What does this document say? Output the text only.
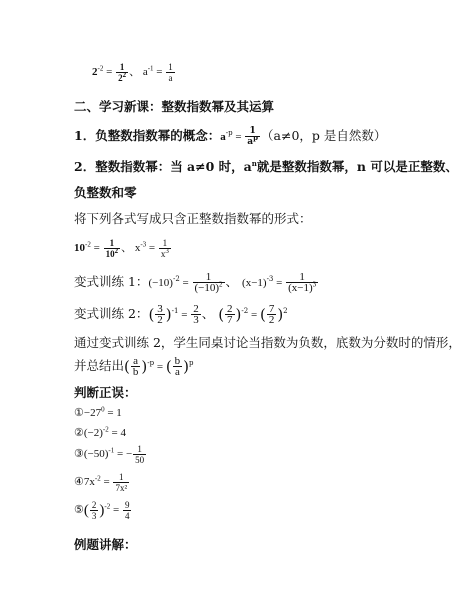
$2^{-2} = \frac{1}{2^2}$ 、 $a^{-1} = \frac{1}{a}$
二、学习新课：整数指数幂及其运算
1．负整数指数幂的概念：$a^{-p} = \frac{1}{a^p} (a\ne 0$，p 是自然数）
2．整数指数幂：当 a≠0 时，$a^n$就是整数指数幂，n 可以是正整数、
负整数和零
将下列各式写成只含正整数指数幂的形式：
$10^{-2} = \frac{1}{10^2}$ 、 $x^{-3} = \frac{1}{x^3}$
变式训练 1：$(-10)^{-2} = \frac{1}{(-10)^2}$ 、 $(x-1)^{-3} = \frac{1}{(x-1)^3}$
变式训练 2：( $\frac{3}{2} )^{-1} = \frac{2}{3}$ 、 ( $\frac{2}{7} )^{-2}$ = ( $\frac{7}{2} )^2$
通过变式训练 2，学生同桌讨论当指数为负数，底数为分数时的情形，
并总结出( $\frac{a}{b} )^{-p}$ = ( $\frac{b}{a} )^p$
判断正误：
$①-27^0 = 1$
$②(-2)^{-2} = 4$
$③(-50)^{-1}$ = − $\frac{1}{50}$
$④7x^{-2} = \frac{1}{\text{7x²}}$
⑤( $\frac{2}{3} )^{-2} = \frac{9}{4}$
例题讲解：
